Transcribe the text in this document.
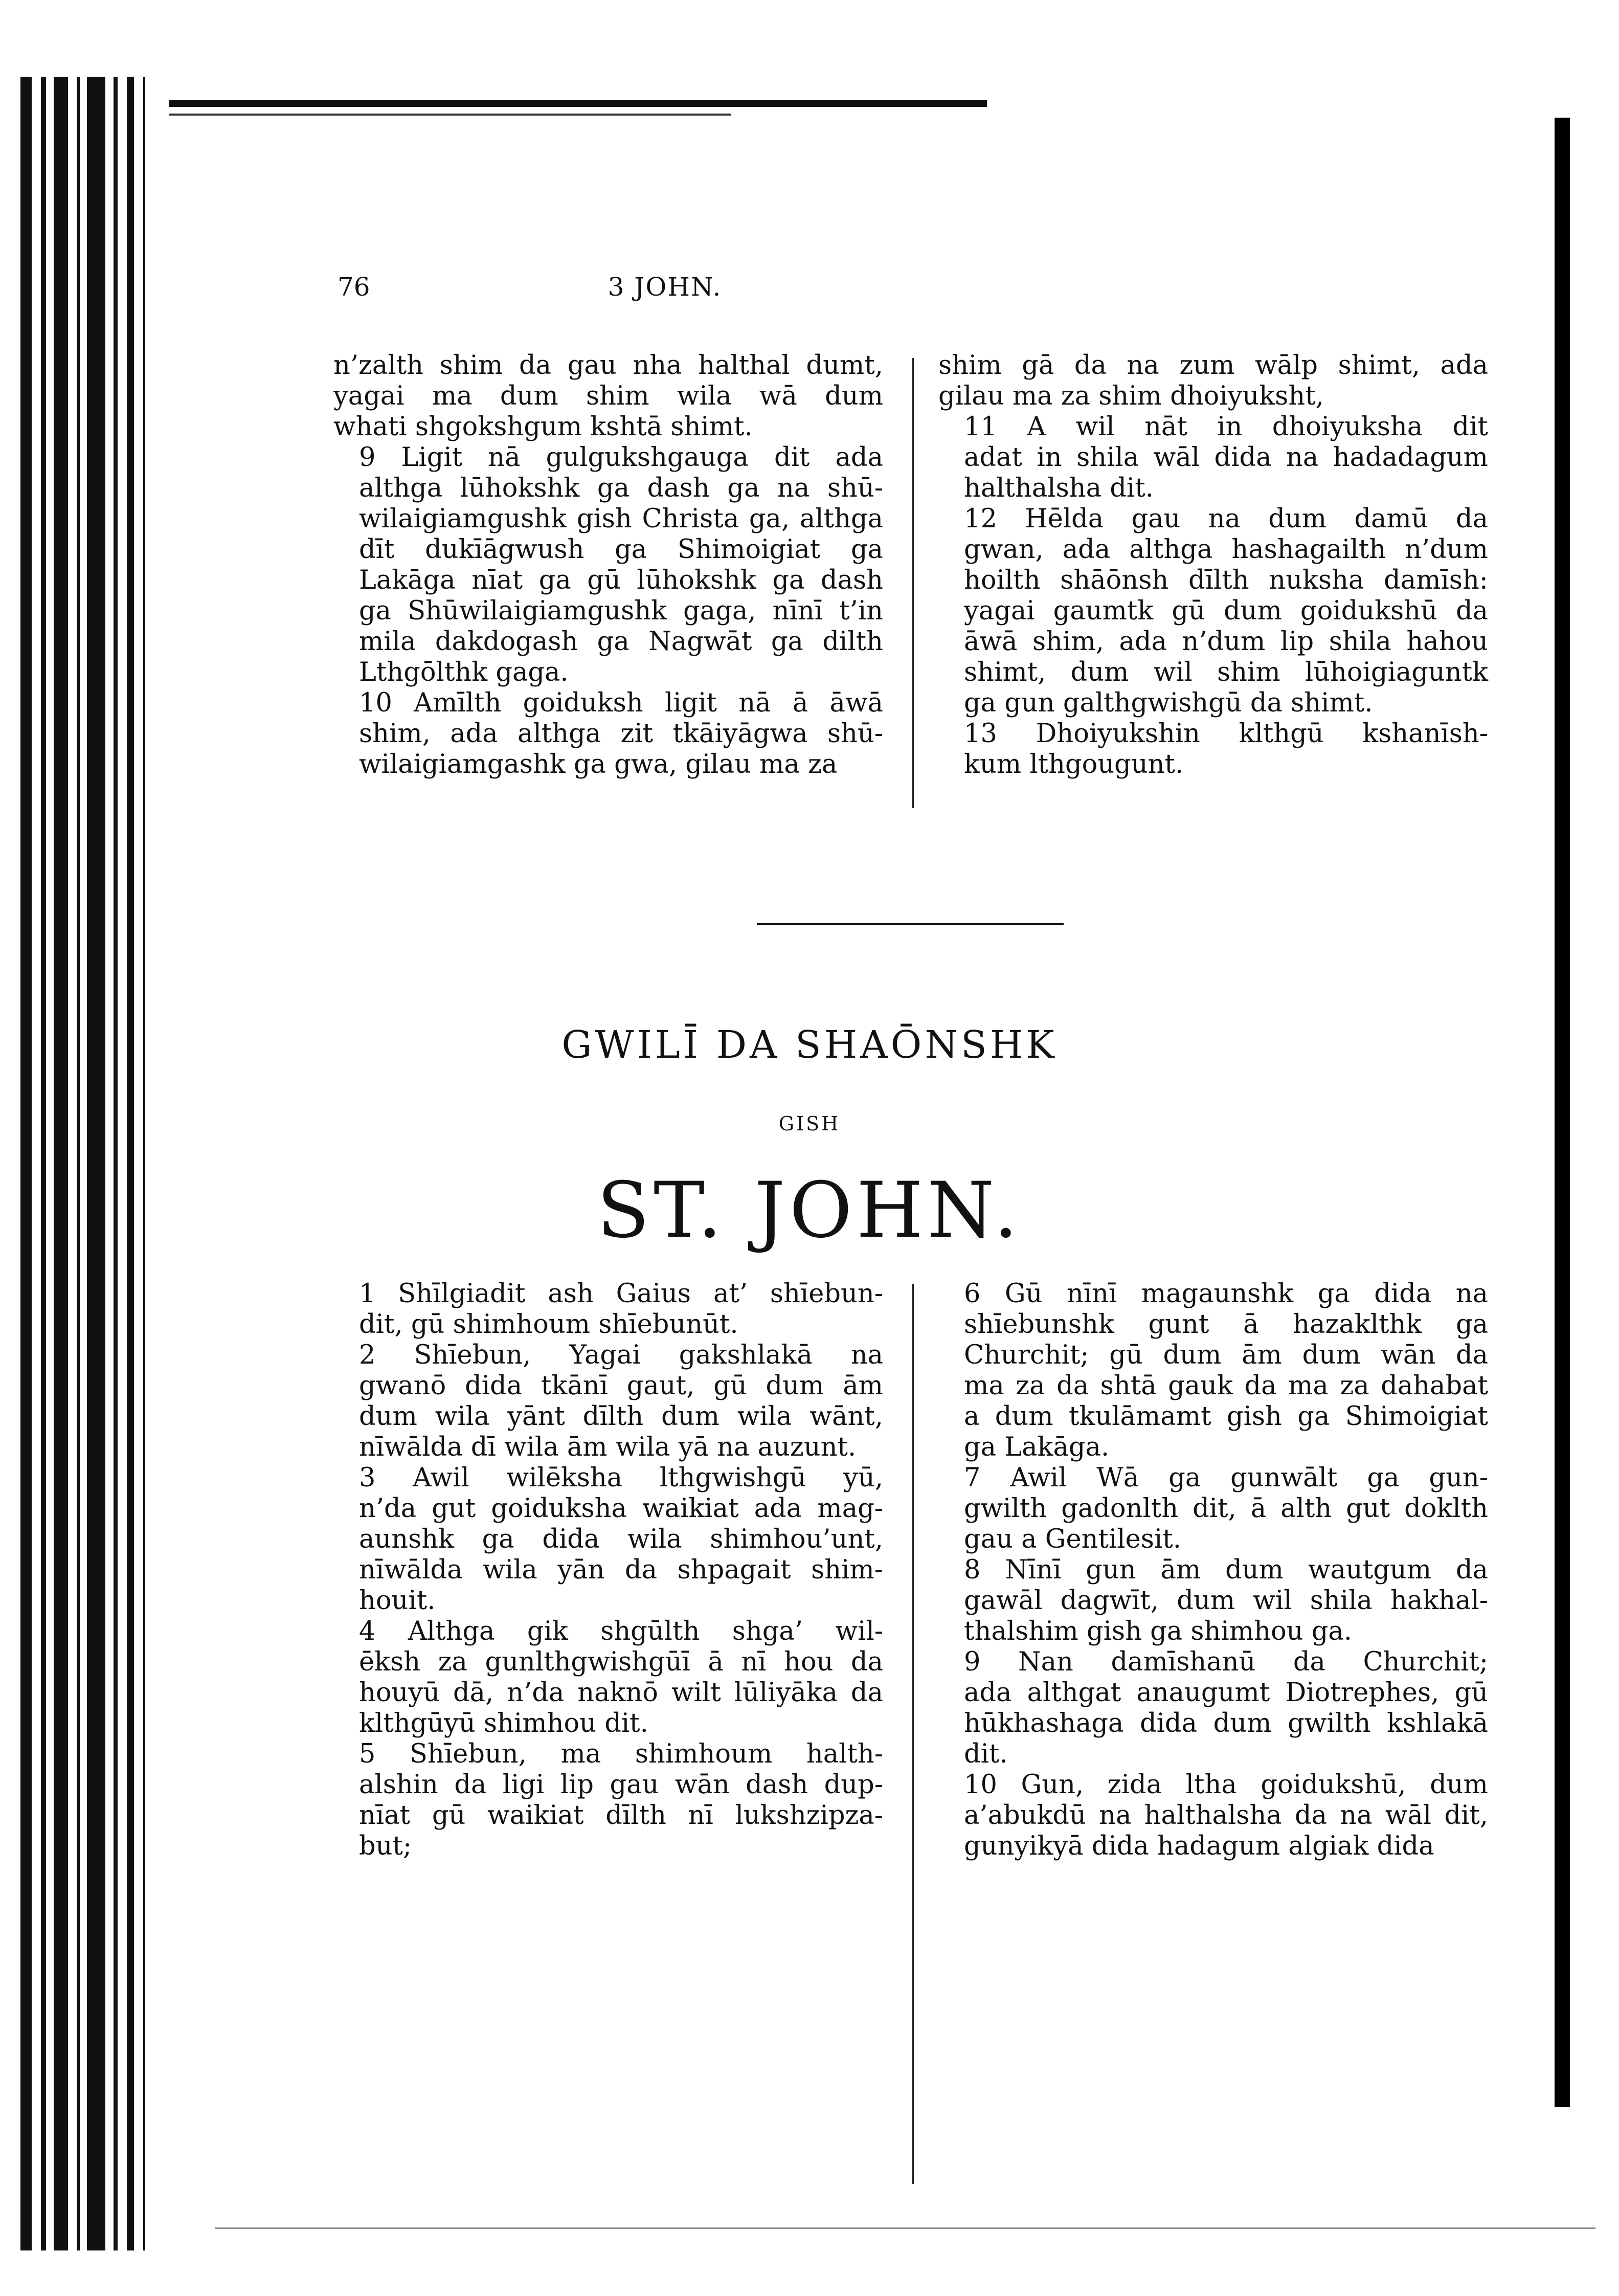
76	3 JOHN.

n’zalth shim da gau nha halthal dumt,
yagai ma dum shim wila wā dum
whati shgokshgum kshtā shimt.

9 Ligit nā gulgukshgauga dit ada
althga lūhokshk ga dash ga na shū-
wilaigiamgushk gish Christa ga, althga
dīt dukīāgwush ga Shimoigiat ga
Lakāga nīat ga gū lūhokshk ga dash
ga Shūwilaigiamgushk gaga, nīnī t’in
mila dakdogash ga Nagwāt ga dilth
Lthgōlthk gaga.

10 Amīlth goiduksh ligit nā ā āwā
shim, ada althga zit tkāiyāgwa shū-
wilaigiamgashk ga gwa, gilau ma za

shim gā da na zum wālp shimt, ada
gilau ma za shim dhoiyuksht,

11 A wil nāt in dhoiyuksha dit
adat in shila wāl dida na hadadagum
halthalsha dit.

12 Hēlda gau na dum damū da
gwan, ada althga hashagailth n’dum
hoilth shāōnsh dīlth nuksha damīsh:
yagai gaumtk gū dum goidukshū da
āwā shim, ada n’dum lip shila hahou
shimt, dum wil shim lūhoigiaguntk
ga gun galthgwishgū da shimt.

13 Dhoiyukshin klthgū kshanīsh-
kum lthgougunt.

GWILĪ DA SHAŌNSHK
GISH
ST. JOHN.

1 Shīlgiadit ash Gaius at’ shīebun-
dit, gū shimhoum shīebunūt.

2 Shīebun, Yagai gakshlakā na
gwanō dida tkānī gaut, gū dum ām
dum wila yānt dīlth dum wila wānt,
nīwālda dī wila ām wila yā na auzunt.

3 Awil wilēksha lthgwishgū yū,
n’da gut goiduksha waikiat ada mag-
aunshk ga dida wila shimhou’unt,
nīwālda wila yān da shpagait shim-
houit.

4 Althga gik shgūlth shga’ wil-
ēksh za gunlthgwishgūī ā nī hou da
houyū dā, n’da naknō wilt lūliyāka da
klthgūyū shimhou dit.

5 Shīebun, ma shimhoum halth-
alshin da ligi lip gau wān dash dup-
nīat gū waikiat dīlth nī lukshzipza-
but;

6 Gū nīnī magaunshk ga dida na
shīebunshk gunt ā hazaklthk ga
Churchit; gū dum ām dum wān da
ma za da shtā gauk da ma za dahabat
a dum tkulāmamt gish ga Shimoigiat
ga Lakāga.

7 Awil Wā ga gunwālt ga gun-
gwilth gadonlth dit, ā alth gut doklth
gau a Gentilesit.

8 Nīnī gun ām dum wautgum da
gawāl dagwīt, dum wil shila hakhal-
thalshim gish ga shimhou ga.

9 Nan damīshanū da Churchit;
ada althgat anaugumt Diotrephes, gū
hūkhashaga dida dum gwilth kshlakā
dit.

10 Gun, zida ltha goidukshū, dum
a’abukdū na halthalsha da na wāl dit,
gunyikyā dida hadagum algiak dida
